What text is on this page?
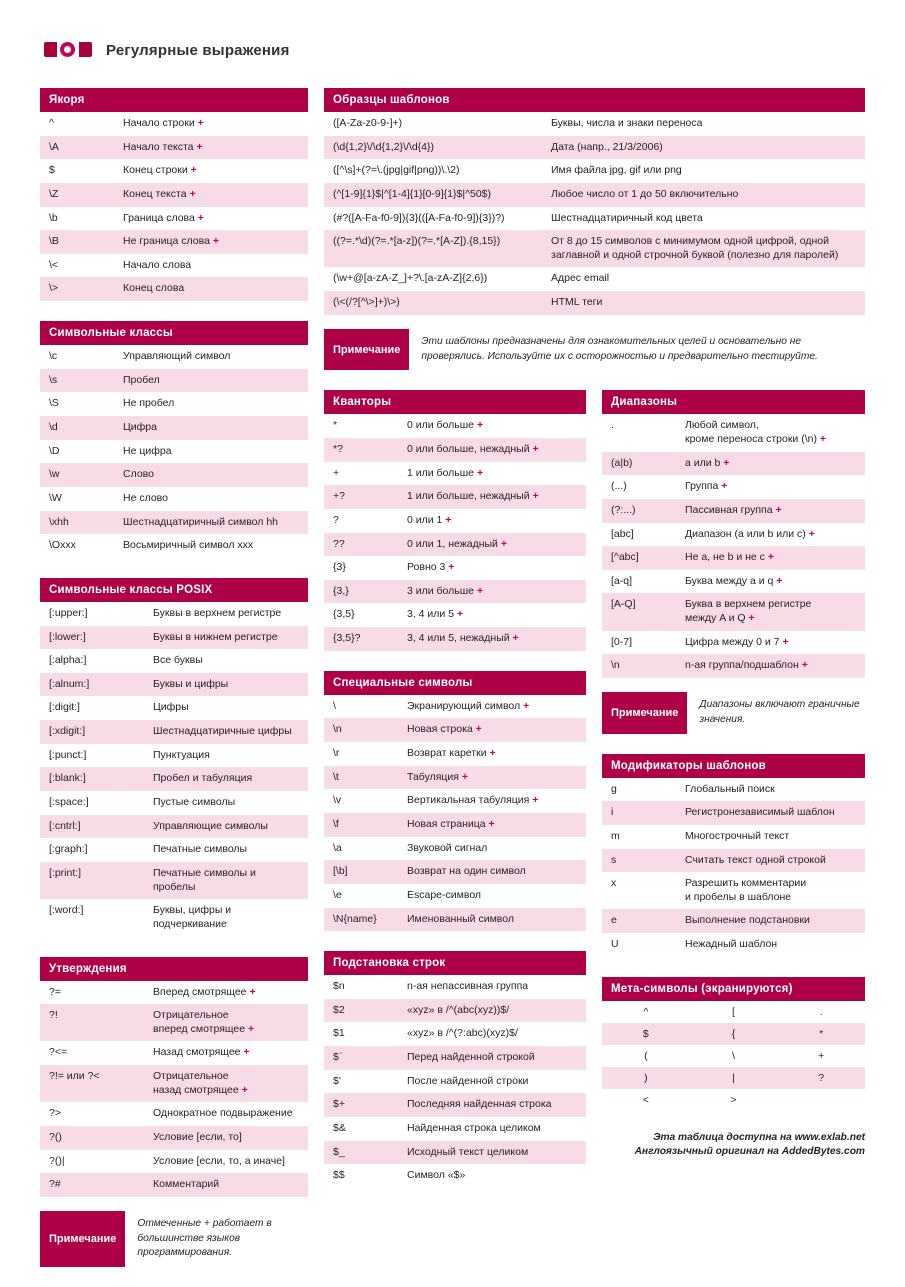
Регулярные выражения
Якоря
^	Начало строки +
\A	Начало текста +
$	Конец строки +
\Z	Конец текста +
\b	Граница слова +
\B	Не граница слова +
\<	Начало слова
\>	Конец слова
Символьные классы
\c	Управляющий символ
\s	Пробел
\S	Не пробел
\d	Цифра
\D	Не цифра
\w	Слово
\W	Не слово
\xhh	Шестнадцатиричный символ hh
\Oxxx	Восьмиричный символ xxx
Символьные классы POSIX
[:upper:]	Буквы в верхнем регистре
[:lower:]	Буквы в нижнем регистре
[:alpha:]	Все буквы
[:alnum:]	Буквы и цифры
[:digit:]	Цифры
[:xdigit:]	Шестнадцатиричные цифры
[:punct:]	Пунктуация
[:blank:]	Пробел и табуляция
[:space:]	Пустые символы
[:cntrl:]	Управляющие символы
[:graph:]	Печатные символы
[:print:]	Печатные символы и пробелы
[:word:]	Буквы, цифры и подчеркивание
Утверждения
?=	Вперед смотрящее +
?!	Отрицательное
вперед смотрящее +
?<=	Назад смотрящее +
?!= или ?<	Отрицательное
назад смотрящее +
?>	Однократное подвыражение
?()	Условие [если, то]
?()|	Условие [если, то, а иначе]
?#	Комментарий
Примечание
Отмеченные + работает в большинстве языков программирования.
Образцы шаблонов
([A-Za-z0-9-]+)	Буквы, числа и знаки переноса
(\d{1,2}\/\d{1,2}\/\d{4})	Дата (напр., 21/3/2006)
([^\s]+(?=\.(jpg|gif|png))\.\2)	Имя файла jpg, gif или png
(^[1-9]{1}$|^[1-4]{1}[0-9]{1}$|^50$)	Любое число от 1 до 50 включительно
(#?([A-Fa-f0-9]){3}(([A-Fa-f0-9]){3})?)	Шестнадцатиричный код цвета
((?=.*\d)(?=.*[a-z])(?=.*[A-Z]).{8,15})	От 8 до 15 символов с минимумом одной цифрой, одной заглавной и одной строчной буквой (полезно для паролей)
(\w+@[a-zA-Z_]+?\.[a-zA-Z]{2,6})	Адрес email
(\<(/?[^\>]+)\>)	HTML теги
Примечание
Эти шаблоны предназначены для ознакомительных целей и основательно не проверялись. Используйте их с осторожностью и предварительно тестируйте.
Кванторы
*	0 или больше +
*?	0 или больше, нежадный +
+	1 или больше +
+?	1 или больше, нежадный +
?	0 или 1 +
??	0 или 1, нежадный +
{3}	Ровно 3 +
{3,}	3 или больше +
{3,5}	3, 4 или 5 +
{3,5}?	3, 4 или 5, нежадный +
Специальные символы
\	Экранирующий символ +
\n	Новая строка +
\r	Возврат каретки +
\t	Табуляция +
\v	Вертикальная табуляция +
\f	Новая страница +
\a	Звуковой сигнал
[\b]	Возврат на один символ
\e	Escape-символ
\N{name}	Именованный символ
Подстановка строк
$n	n-ая непассивная группа
$2	«xyz» в /^(abc(xyz))$/
$1	«xyz» в /^(?:abc)(xyz)$/
$`	Перед найденной строкой
$'	После найденной строки
$+	Последняя найденная строка
$&	Найденная строка целиком
$_	Исходный текст целиком
$$	Символ «$»
Диапазоны
.	Любой символ,
кроме переноса строки (\n) +
(a|b)	a или b +
(...)	Группа +
(?:...)	Пассивная группа +
[abc]	Диапазон (a или b или c) +
[^abc]	Не a, не b и не c +
[a-q]	Буква между a и q +
[A-Q]	Буква в верхнем регистре
между A и Q +
[0-7]	Цифра между 0 и 7 +
\n	n-ая группа/подшаблон +
Примечание
Диапазоны включают граничные значения.
Модификаторы шаблонов
g	Глобальный поиск
i	Регистронезависимый шаблон
m	Многострочный текст
s	Считать текст одной строкой
x	Разрешить комментарии
и пробелы в шаблоне
e	Выполнение подстановки
U	Нежадный шаблон
Мета-символы (экранируются)
^	[	.
$	{	*
(	\	+
)	|	?
<	>
Эта таблица доступна на www.exlab.net
Англоязычный оригинал на AddedBytes.com
